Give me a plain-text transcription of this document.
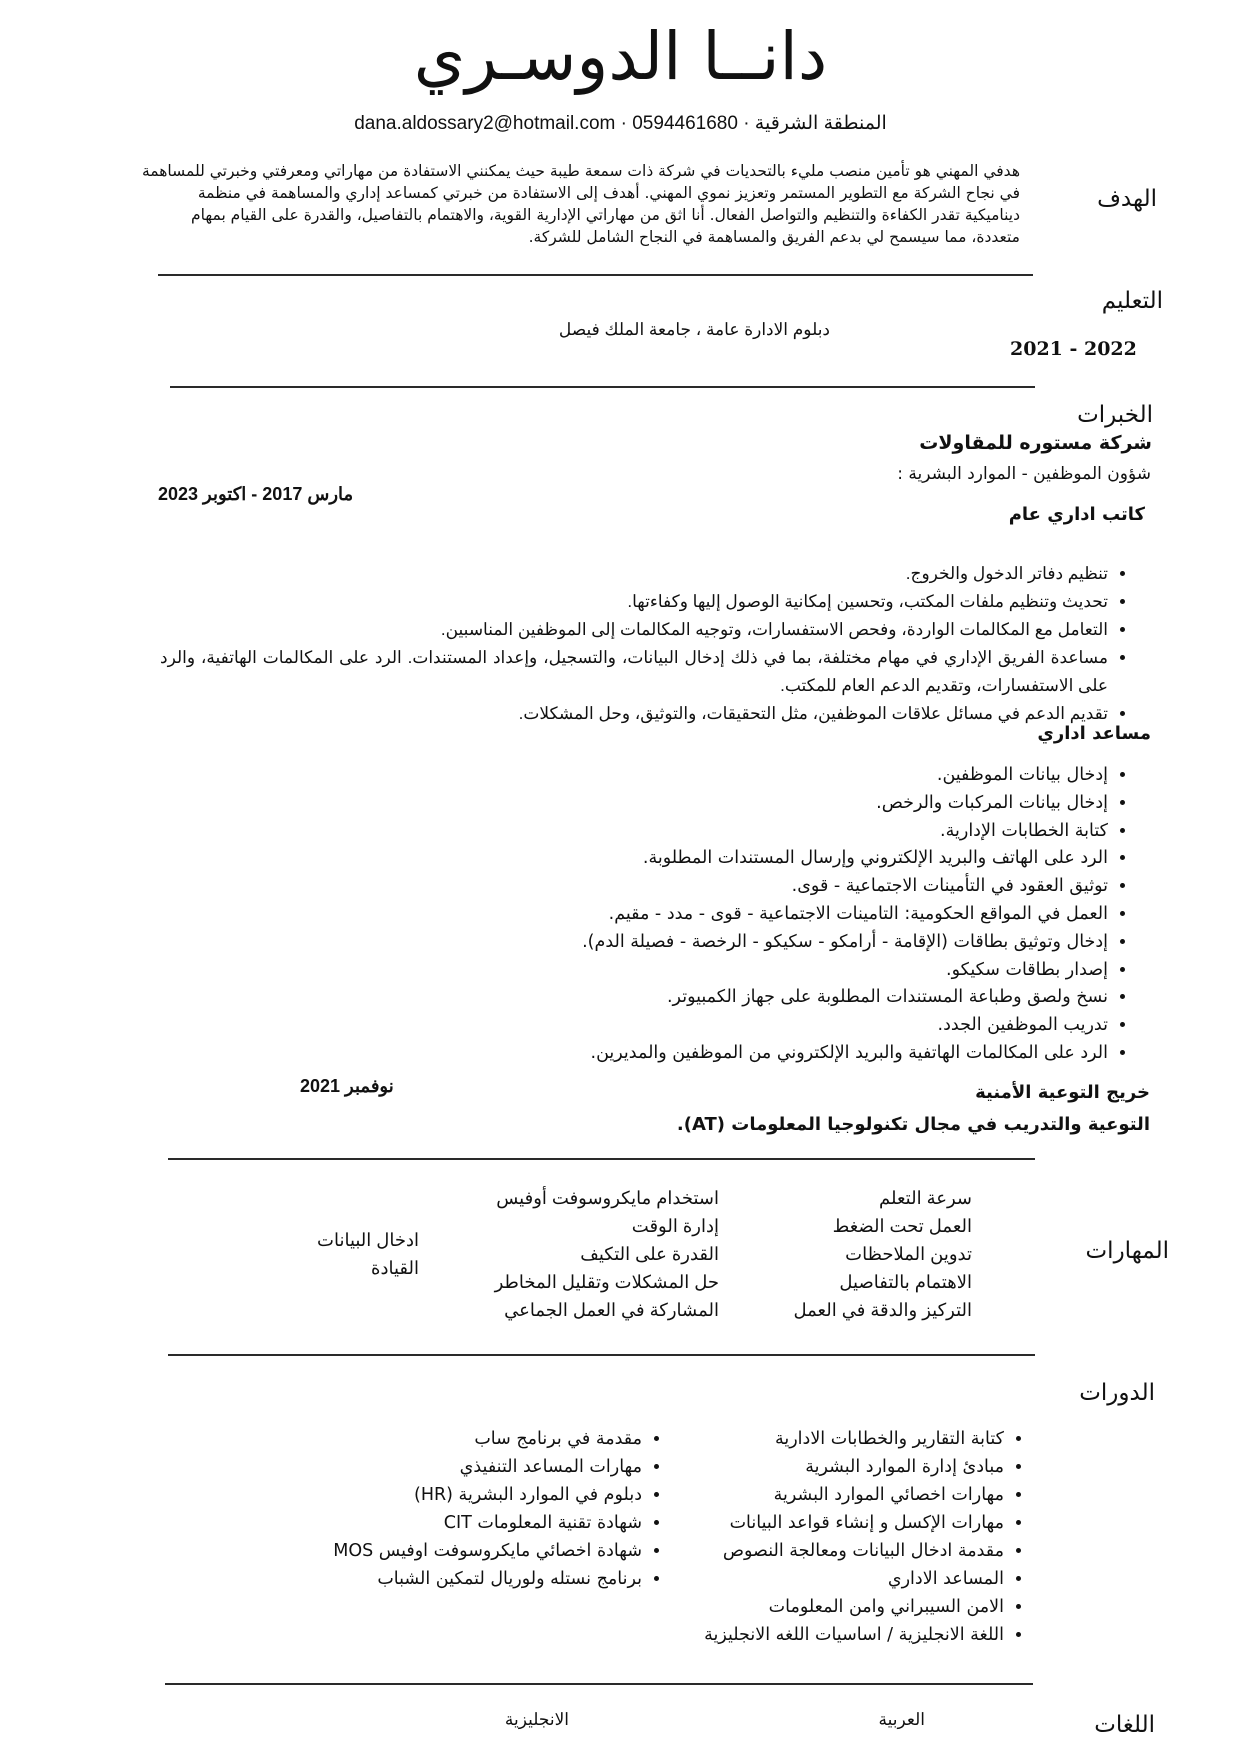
دانــا الدوسـري
المنطقة الشرقية · dana.aldossary2@hotmail.com · 0594461680
الهدف
هدفي المهني هو تأمين منصب مليء بالتحديات في شركة ذات سمعة طيبة حيث يمكنني الاستفادة من مهاراتي ومعرفتي وخبرتي للمساهمة في نجاح الشركة مع التطوير المستمر وتعزيز نموي المهني. أهدف إلى الاستفادة من خبرتي كمساعد إداري والمساهمة في منظمة ديناميكية تقدر الكفاءة والتنظيم والتواصل الفعال. أنا اثق من مهاراتي الإدارية القوية، والاهتمام بالتفاصيل، والقدرة على القيام بمهام متعددة، مما سيسمح لي بدعم الفريق والمساهمة في النجاح الشامل للشركة.
التعليم
دبلوم الادارة عامة ، جامعة الملك فيصل
2021 - 2022
الخبرات
شركة مستوره للمقاولات
شؤون الموظفين - الموارد البشرية :
مارس 2017 - اكتوبر 2023
كاتب اداري عام
• تنظيم دفاتر الدخول والخروج.
• تحديث وتنظيم ملفات المكتب، وتحسين إمكانية الوصول إليها وكفاءتها.
• التعامل مع المكالمات الواردة، وفحص الاستفسارات، وتوجيه المكالمات إلى الموظفين المناسبين.
• مساعدة الفريق الإداري في مهام مختلفة، بما في ذلك إدخال البيانات، والتسجيل، وإعداد المستندات. الرد على المكالمات الهاتفية، والرد على الاستفسارات، وتقديم الدعم العام للمكتب.
• تقديم الدعم في مسائل علاقات الموظفين، مثل التحقيقات، والتوثيق، وحل المشكلات.
مساعد اداري
• إدخال بيانات الموظفين.
• إدخال بيانات المركبات والرخص.
• كتابة الخطابات الإدارية.
• الرد على الهاتف والبريد الإلكتروني وإرسال المستندات المطلوبة.
• توثيق العقود في التأمينات الاجتماعية - قوى.
• العمل في المواقع الحكومية: التامينات الاجتماعية - قوى - مدد - مقيم.
• إدخال وتوثيق بطاقات (الإقامة - أرامكو - سكيكو - الرخصة - فصيلة الدم).
• إصدار بطاقات سكيكو.
• نسخ ولصق وطباعة المستندات المطلوبة على جهاز الكمبيوتر.
• تدريب الموظفين الجدد.
• الرد على المكالمات الهاتفية والبريد الإلكتروني من الموظفين والمديرين.
خريج التوعية الأمنية
نوفمبر 2021
التوعية والتدريب في مجال تكنولوجيا المعلومات (AT).
المهارات
سرعة التعلم
العمل تحت الضغط
تدوين الملاحظات
الاهتمام بالتفاصيل
التركيز والدقة في العمل
استخدام مايكروسوفت أوفيس
إدارة الوقت
القدرة على التكيف
حل المشكلات وتقليل المخاطر
المشاركة في العمل الجماعي
ادخال البيانات
القيادة
الدورات
• كتابة التقارير والخطابات الادارية
• مبادئ إدارة الموارد البشرية
• مهارات اخصائي الموارد البشرية
• مهارات الإكسل و إنشاء قواعد البيانات
• مقدمة ادخال البيانات ومعالجة النصوص
• المساعد الاداري
• الامن السيبراني وامن المعلومات
• اللغة الانجليزية / اساسيات اللغه الانجليزية
• مقدمة في برنامج ساب
• مهارات المساعد التنفيذي
• دبلوم في الموارد البشرية (HR)
• شهادة تقنية المعلومات CIT
• شهادة اخصائي مايكروسوفت اوفيس MOS
• برنامج نستله ولوريال لتمكين الشباب
اللغات
العربية
الانجليزية
